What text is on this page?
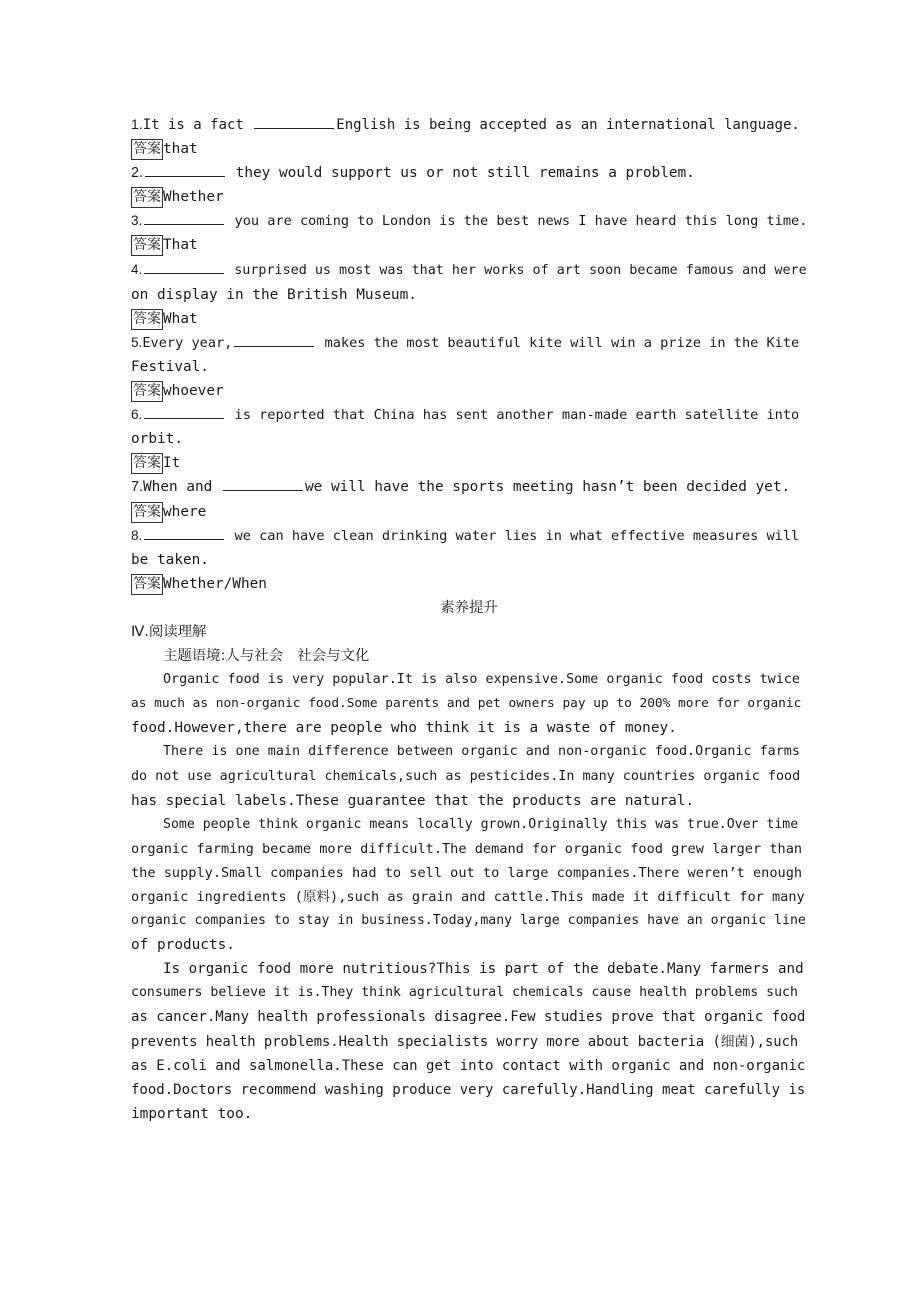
1.It is a fact	English is being accepted as an international language.
答案 that
2.	they would support us or not still remains a problem.
答案 Whether
3.	you are coming to London is the best news I have heard this long time.
答案 That
4.	surprised us most was that her works of art soon became famous and were
on display in the British Museum.
答案 What
5.Every year,	makes the most beautiful kite will win a prize in the Kite
Festival.
答案 whoever
6.	is reported that China has sent another man-made earth satellite into
orbit.
答案 It
7.When and	we will have the sports meeting hasn’t been decided yet.
答案 where
8.	we can have clean drinking water lies in what effective measures will
be taken.
答案 Whether/When
素养提升
Ⅳ.阅读理解
主题语境:人与社会　社会与文化
Organic food is very popular.It is also expensive.Some organic food costs twice
as much as non-organic food.Some parents and pet owners pay up to 200% more for organic
food.However,there are people who think it is a waste of money.
There is one main difference between organic and non-organic food.Organic farms
do not use agricultural chemicals,such as pesticides.In many countries organic food
has special labels.These guarantee that the products are natural.
Some people think organic means locally grown.Originally this was true.Over time
organic farming became more difficult.The demand for organic food grew larger than
the supply.Small companies had to sell out to large companies.There weren’t enough
organic ingredients (原料),such as grain and cattle.This made it difficult for many
organic companies to stay in business.Today,many large companies have an organic line
of products.
Is organic food more nutritious?This is part of the debate.Many farmers and
consumers believe it is.They think agricultural chemicals cause health problems such
as cancer.Many health professionals disagree.Few studies prove that organic food
prevents health problems.Health specialists worry more about bacteria (细菌),such
as E.coli and salmonella.These can get into contact with organic and non-organic
food.Doctors recommend washing produce very carefully.Handling meat carefully is
important too.
